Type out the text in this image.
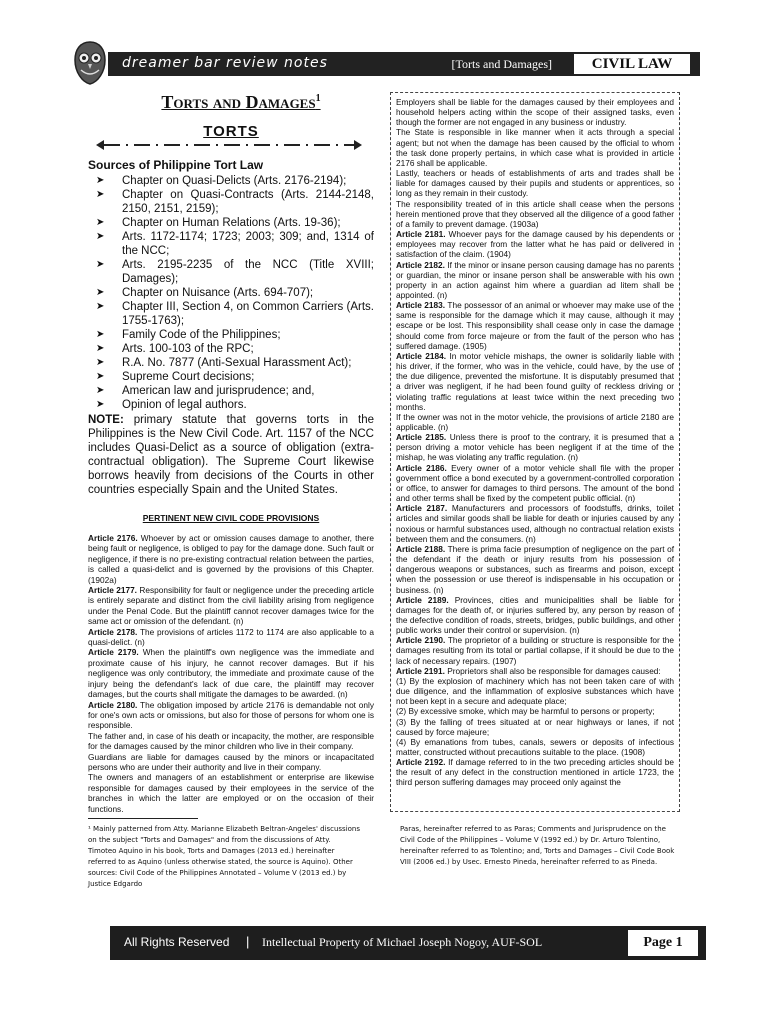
dreamer bar review notes	[Torts and Damages]	CIVIL LAW
Torts and Damages$^1$
TORTS
Sources of Philippine Tort Law
➤ Chapter on Quasi-Delicts (Arts. 2176-2194);
➤ Chapter on Quasi-Contracts (Arts. 2144-2148, 2150, 2151, 2159);
➤ Chapter on Human Relations (Arts. 19-36);
➤ Arts. 1172-1174; 1723; 2003; 309; and, 1314 of the NCC;
➤ Arts. 2195-2235 of the NCC (Title XVIII; Damages);
➤ Chapter on Nuisance (Arts. 694-707);
➤ Chapter III, Section 4, on Common Carriers (Arts. 1755-1763);
➤ Family Code of the Philippines;
➤ Arts. 100-103 of the RPC;
➤ R.A. No. 7877 (Anti-Sexual Harassment Act);
➤ Supreme Court decisions;
➤ American law and jurisprudence; and,
➤ Opinion of legal authors.
NOTE: primary statute that governs torts in the Philippines is the New Civil Code. Art. 1157 of the NCC includes Quasi-Delict as a source of obligation (extra-contractual obligation). The Supreme Court likewise borrows heavily from decisions of the Courts in other countries especially Spain and the United States.
PERTINENT NEW CIVIL CODE PROVISIONS

Article 2176. Whoever by act or omission causes damage to another, there being fault or negligence, is obliged to pay for the damage done. Such fault or negligence, if there is no pre-existing contractual relation between the parties, is called a quasi-delict and is governed by the provisions of this Chapter. (1902a)

Article 2177. Responsibility for fault or negligence under the preceding article is entirely separate and distinct from the civil liability arising from negligence under the Penal Code. But the plaintiff cannot recover damages twice for the same act or omission of the defendant. (n)

Article 2178. The provisions of articles 1172 to 1174 are also applicable to a quasi-delict. (n)

Article 2179. When the plaintiff's own negligence was the immediate and proximate cause of his injury, he cannot recover damages. But if his negligence was only contributory, the immediate and proximate cause of the injury being the defendant's lack of due care, the plaintiff may recover damages, but the courts shall mitigate the damages to be awarded. (n)

Article 2180. The obligation imposed by article 2176 is demandable not only for one's own acts or omissions, but also for those of persons for whom one is responsible.

The father and, in case of his death or incapacity, the mother, are responsible for the damages caused by the minor children who live in their company.

Guardians are liable for damages caused by the minors or incapacitated persons who are under their authority and live in their company.

The owners and managers of an establishment or enterprise are likewise responsible for damages caused by their employees in the service of the branches in which the latter are employed or on the occasion of their functions.

Employers shall be liable for the damages caused by their employees and household helpers acting within the scope of their assigned tasks, even though the former are not engaged in any business or industry.

The State is responsible in like manner when it acts through a special agent; but not when the damage has been caused by the official to whom the task done properly pertains, in which case what is provided in article 2176 shall be applicable.

Lastly, teachers or heads of establishments of arts and trades shall be liable for damages caused by their pupils and students or apprentices, so long as they remain in their custody.

The responsibility treated of in this article shall cease when the persons herein mentioned prove that they observed all the diligence of a good father of a family to prevent damage. (1903a)

Article 2181. Whoever pays for the damage caused by his dependents or employees may recover from the latter what he has paid or delivered in satisfaction of the claim. (1904)

Article 2182. If the minor or insane person causing damage has no parents or guardian, the minor or insane person shall be answerable with his own property in an action against him where a guardian ad litem shall be appointed. (n)

Article 2183. The possessor of an animal or whoever may make use of the same is responsible for the damage which it may cause, although it may escape or be lost. This responsibility shall cease only in case the damage should come from force majeure or from the fault of the person who has suffered damage. (1905)

Article 2184. In motor vehicle mishaps, the owner is solidarily liable with his driver, if the former, who was in the vehicle, could have, by the use of the due diligence, prevented the misfortune. It is disputably presumed that a driver was negligent, if he had been found guilty of reckless driving or violating traffic regulations at least twice within the next preceding two months.

If the owner was not in the motor vehicle, the provisions of article 2180 are applicable. (n)

Article 2185. Unless there is proof to the contrary, it is presumed that a person driving a motor vehicle has been negligent if at the time of the mishap, he was violating any traffic regulation. (n)

Article 2186. Every owner of a motor vehicle shall file with the proper government office a bond executed by a government-controlled corporation or office, to answer for damages to third persons. The amount of the bond and other terms shall be fixed by the competent public official. (n)

Article 2187. Manufacturers and processors of foodstuffs, drinks, toilet articles and similar goods shall be liable for death or injuries caused by any noxious or harmful substances used, although no contractual relation exists between them and the consumers. (n)

Article 2188. There is prima facie presumption of negligence on the part of the defendant if the death or injury results from his possession of dangerous weapons or substances, such as firearms and poison, except when the possession or use thereof is indispensable in his occupation or business. (n)

Article 2189. Provinces, cities and municipalities shall be liable for damages for the death of, or injuries suffered by, any person by reason of the defective condition of roads, streets, bridges, public buildings, and other public works under their control or supervision. (n)

Article 2190. The proprietor of a building or structure is responsible for the damages resulting from its total or partial collapse, if it should be due to the lack of necessary repairs. (1907)

Article 2191. Proprietors shall also be responsible for damages caused:

(1) By the explosion of machinery which has not been taken care of with due diligence, and the inflammation of explosive substances which have not been kept in a secure and adequate place;

(2) By excessive smoke, which may be harmful to persons or property;

(3) By the falling of trees situated at or near highways or lanes, if not caused by force majeure;

(4) By emanations from tubes, canals, sewers or deposits of infectious matter, constructed without precautions suitable to the place. (1908)

Article 2192. If damage referred to in the two preceding articles should be the result of any defect in the construction mentioned in article 1723, the third person suffering damages may proceed only against the

¹ Mainly patterned from Atty. Marianne Elizabeth Beltran-Angeles' discussions on the subject "Torts and Damages" and from the discussions of Atty. Timoteo Aquino in his book, Torts and Damages (2013 ed.) hereinafter referred to as Aquino (unless otherwise stated, the source is Aquino). Other sources: Civil Code of the Philippines Annotated – Volume V (2013 ed.) by Justice Edgardo
Paras, hereinafter referred to as Paras; Comments and Jurisprudence on the Civil Code of the Philippines – Volume V (1992 ed.) by Dr. Arturo Tolentino, hereinafter referred to as Tolentino; and, Torts and Damages – Civil Code Book VIII (2006 ed.) by Usec. Ernesto Pineda, hereinafter referred to as Pineda.
All Rights Reserved | Intellectual Property of Michael Joseph Nogoy, AUF-SOL	Page 1
